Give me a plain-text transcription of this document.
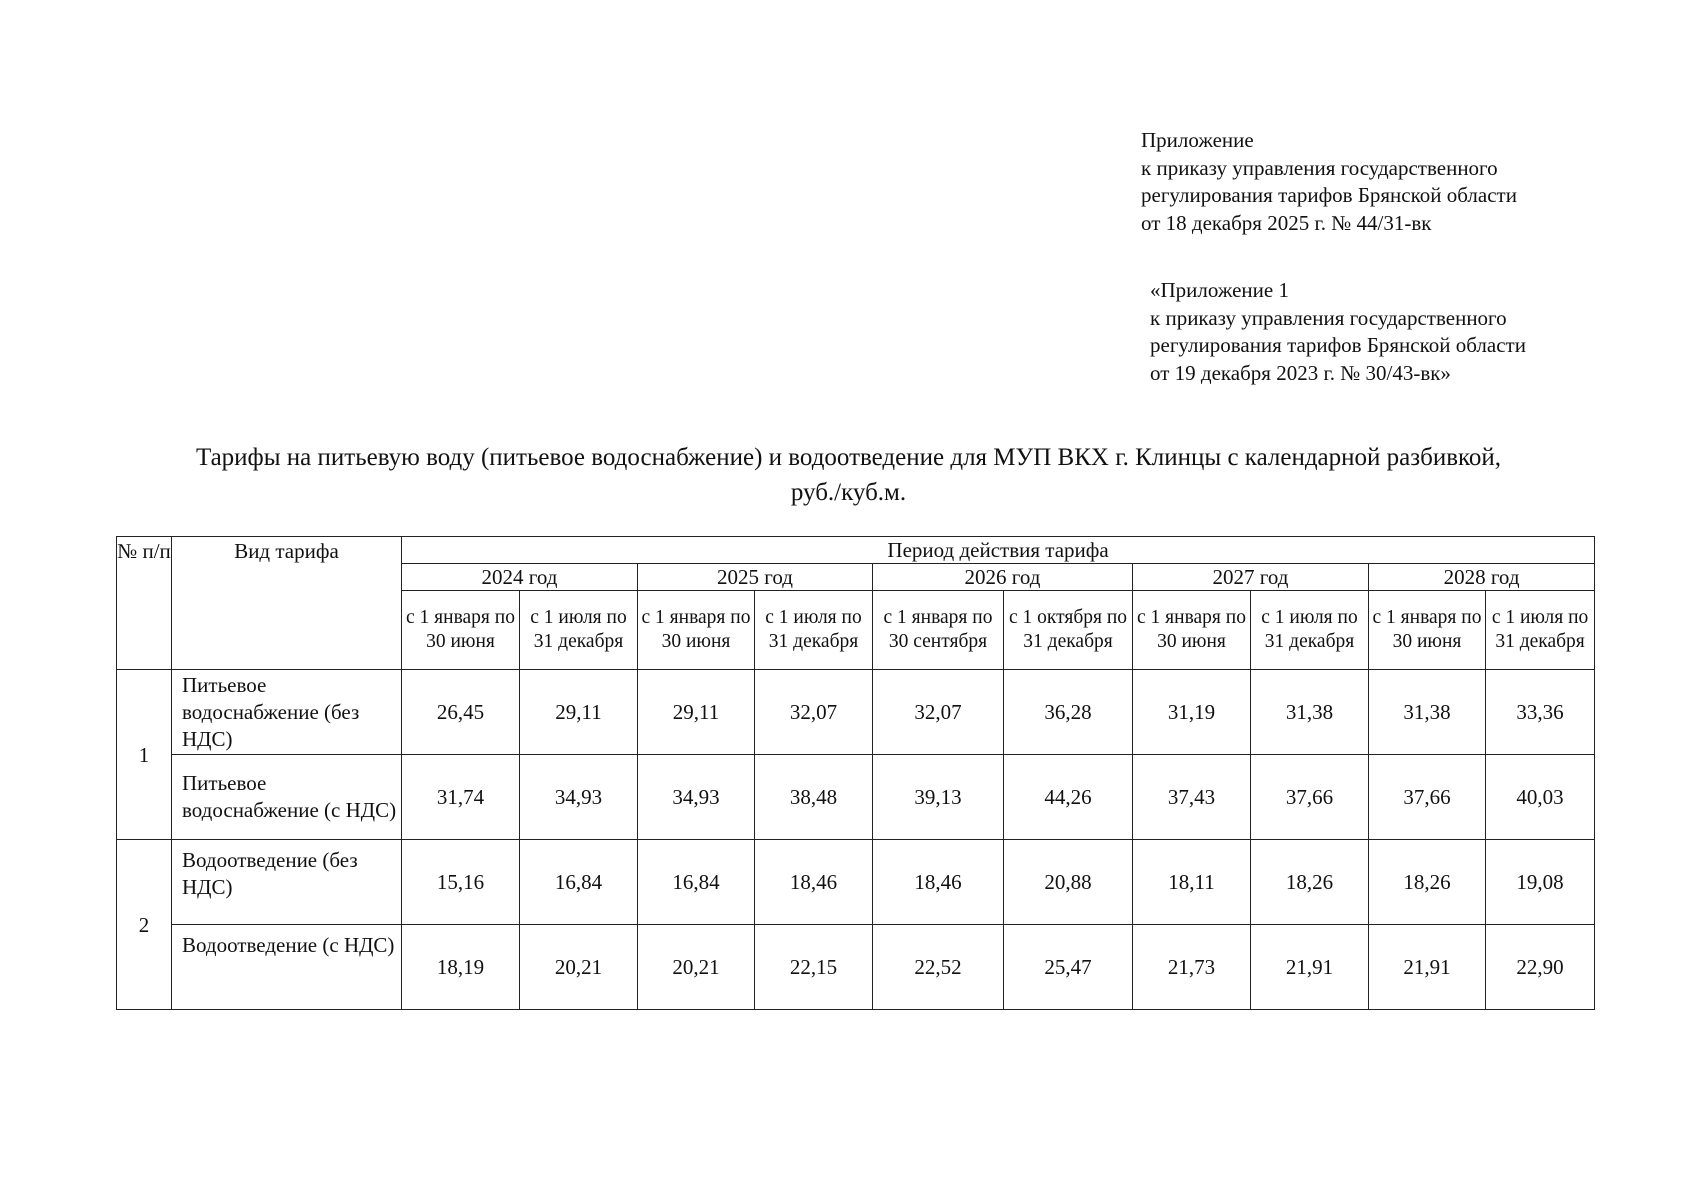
Приложение
к приказу управления государственного
регулирования тарифов Брянской области
от 18 декабря 2025 г. № 44/31-вк
«Приложение 1
к приказу управления государственного
регулирования тарифов Брянской области
от 19 декабря 2023 г. № 30/43-вк»
Тарифы на питьевую воду (питьевое водоснабжение) и водоотведение для МУП ВКХ г. Клинцы с календарной разбивкой,
руб./куб.м.
№ п/п	Вид тарифа	Период действия тарифа									
		2024 год		2025 год		2026 год		2027 год		2028 год	
		с 1 января по 30 июня	с 1 июля по 31 декабря	с 1 января по 30 июня	с 1 июля по 31 декабря	с 1 января по 30 сентября	с 1 октября по 31 декабря	с 1 января по 30 июня	с 1 июля по 31 декабря	с 1 января по 30 июня	с 1 июля по 31 декабря
1	Питьевое водоснабжение (без НДС)	26,45	29,11	29,11	32,07	32,07	36,28	31,19	31,38	31,38	33,36
	Питьевое водоснабжение (с НДС)	31,74	34,93	34,93	38,48	39,13	44,26	37,43	37,66	37,66	40,03
2	Водоотведение (без НДС)	15,16	16,84	16,84	18,46	18,46	20,88	18,11	18,26	18,26	19,08
	Водоотведение (с НДС)	18,19	20,21	20,21	22,15	22,52	25,47	21,73	21,91	21,91	22,90
